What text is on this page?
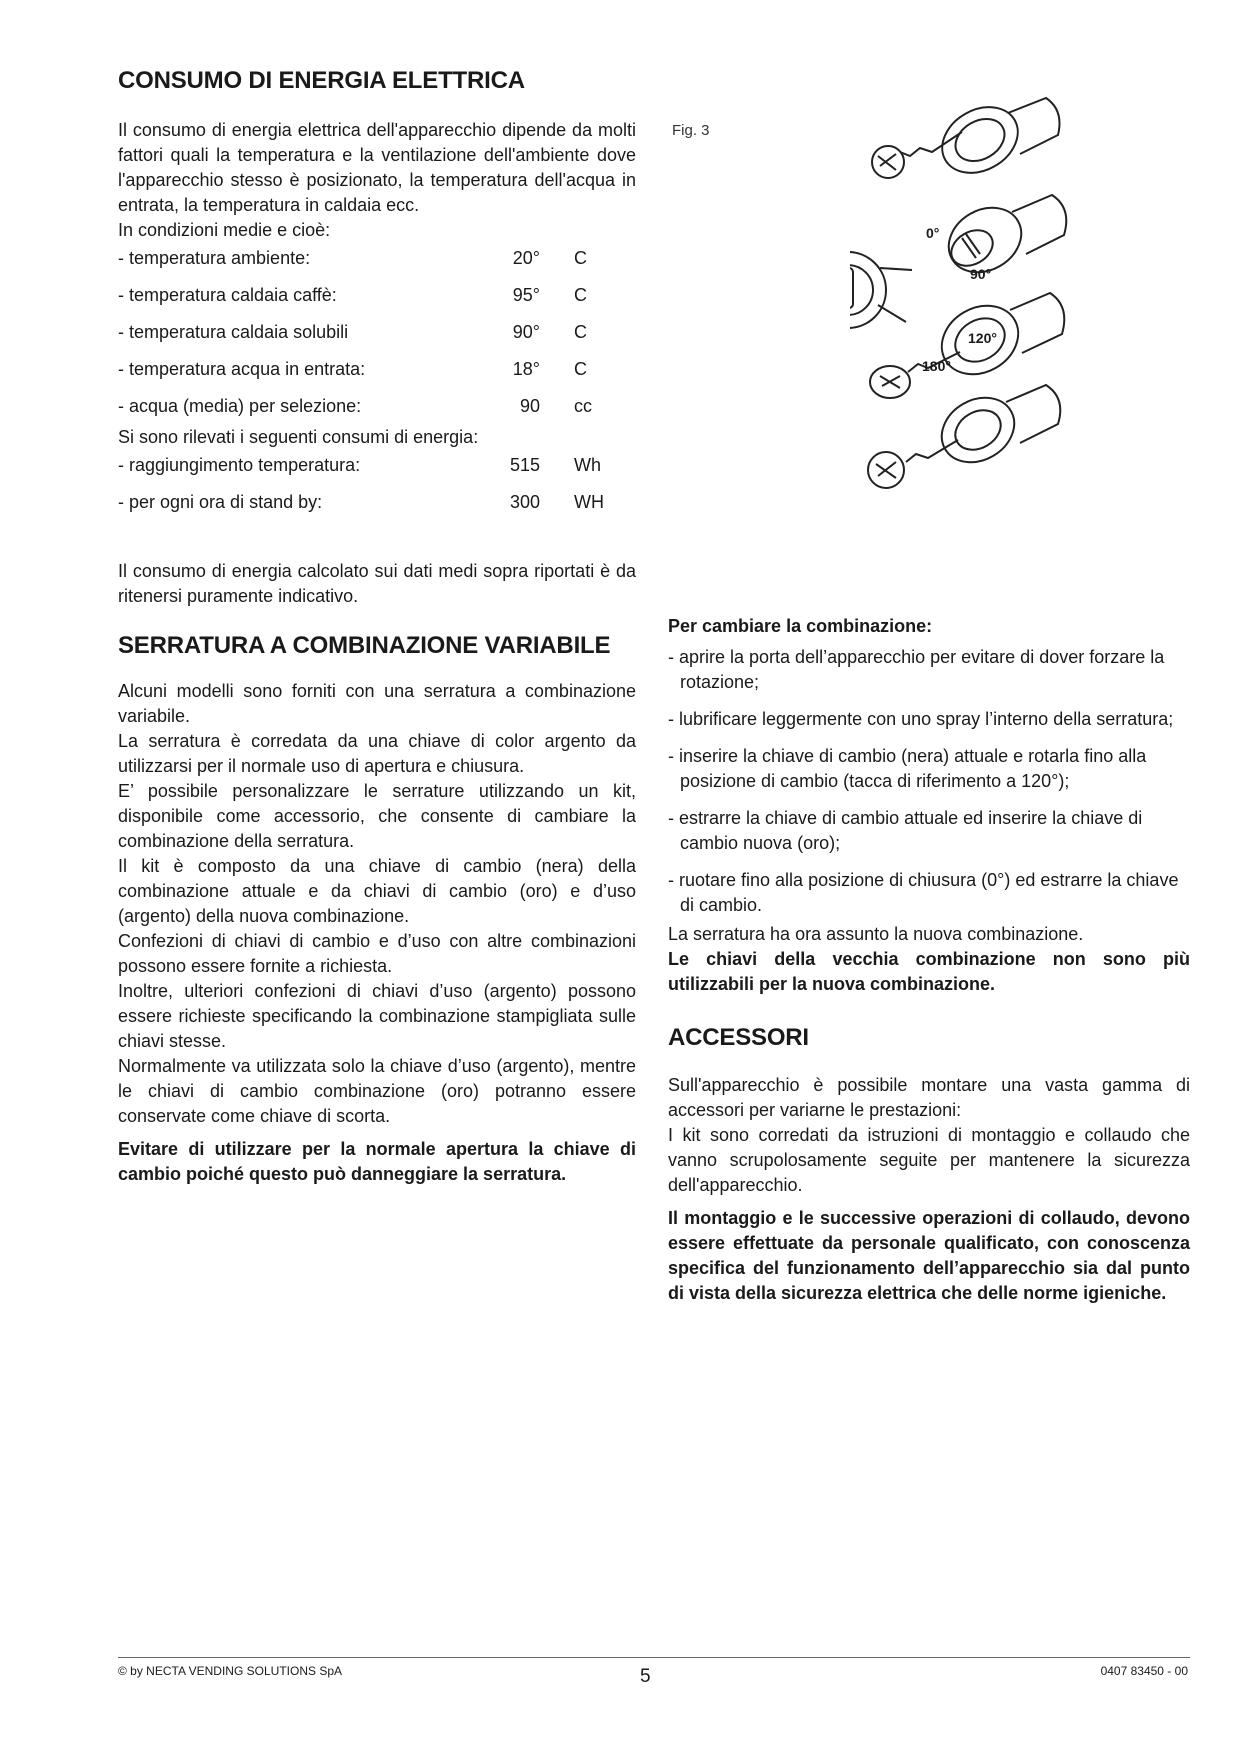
CONSUMO DI ENERGIA ELETTRICA

Il consumo di energia elettrica dell'apparecchio dipende da molti fattori quali la temperatura e la ventilazione dell'ambiente dove l'apparecchio stesso è posizionato, la temperatura dell'acqua in entrata, la temperatura in caldaia ecc.

In condizioni medie e cioè:

- temperatura ambiente:	20° C
- temperatura caldaia caffè:	95° C
- temperatura caldaia solubili	90° C
- temperatura acqua in entrata:	18° C
- acqua (media) per selezione:	90 cc

Si sono rilevati i seguenti consumi di energia:

- raggiungimento temperatura:	515 Wh
- per ogni ora di stand by:	300 WH

Il consumo di energia calcolato sui dati medi sopra riportati è da ritenersi puramente indicativo.

SERRATURA A COMBINAZIONE VARIABILE

Alcuni modelli sono forniti con una serratura a combinazione variabile.

La serratura è corredata da una chiave di color argento da utilizzarsi per il normale uso di apertura e chiusura.

E’ possibile personalizzare le serrature utilizzando un kit, disponibile come accessorio, che consente di cambiare la combinazione della serratura.

Il kit è composto da una chiave di cambio (nera) della combinazione attuale e da chiavi di cambio (oro) e d’uso (argento) della nuova combinazione.

Confezioni di chiavi di cambio e d’uso con altre combinazioni possono essere fornite a richiesta.

Inoltre, ulteriori confezioni di chiavi d’uso (argento) possono essere richieste specificando la combinazione stampigliata sulle chiavi stesse.

Normalmente va utilizzata solo la chiave d’uso (argento), mentre le chiavi di cambio combinazione (oro) potranno essere conservate come chiave di scorta.

Evitare di utilizzare per la normale apertura la chiave di cambio poiché questo può danneggiare la serratura.

Fig. 3
0°
90°
120°
180°

Per cambiare la combinazione:

- aprire la porta dell’apparecchio per evitare di dover forzare la rotazione;

- lubrificare leggermente con uno spray l’interno della serratura;

- inserire la chiave di cambio (nera) attuale e rotarla fino alla posizione di cambio (tacca di riferimento a 120°);

- estrarre la chiave di cambio attuale ed inserire la chiave di cambio nuova (oro);

- ruotare fino alla posizione di chiusura (0°) ed estrarre la chiave di cambio.

La serratura ha ora assunto la nuova combinazione.

Le chiavi della vecchia combinazione non sono più utilizzabili per la nuova combinazione.

ACCESSORI

Sull'apparecchio è possibile montare una vasta gamma di accessori per variarne le prestazioni:

I kit sono corredati da istruzioni di montaggio e collaudo che vanno scrupolosamente seguite per mantenere la sicurezza dell'apparecchio.

Il montaggio e le successive operazioni di collaudo, devono essere effettuate da personale qualificato, con conoscenza specifica del funzionamento dell’apparecchio sia dal punto di vista della sicurezza elettrica che delle norme igieniche.

© by NECTA VENDING SOLUTIONS SpA	5	0407 83450 - 00
